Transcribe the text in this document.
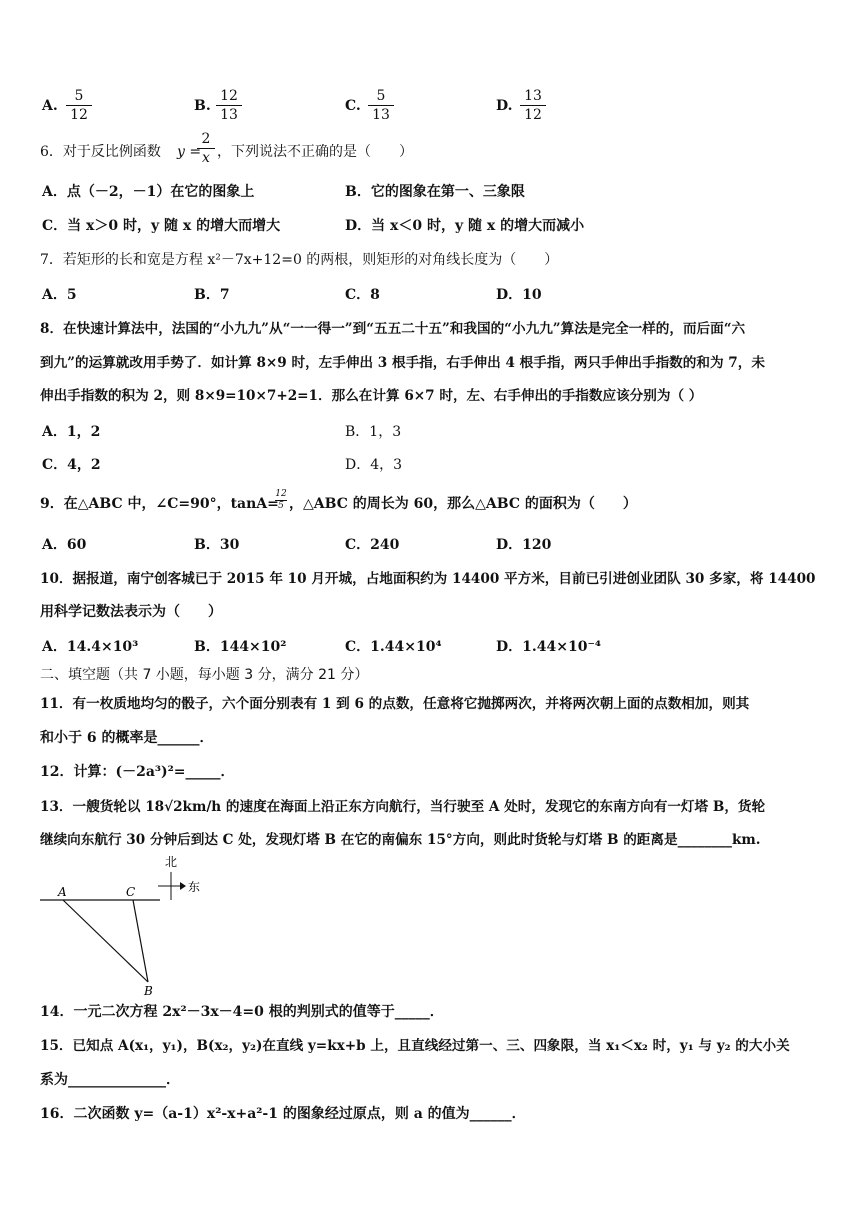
A. $\frac{5}{12}$	B. $\frac{12}{13}$	C. $\frac{5}{13}$	D. $\frac{13}{12}$
6．对于反比例函数 y =
$\frac{2}{x}$ ，下列说法不正确的是（　　）
A．点（－2，－1）在它的图象上	B．它的图象在第一、三象限
C．当 x＞0 时，y 随 x 的增大而增大	D．当 x＜0 时，y 随 x 的增大而减小
7．若矩形的长和宽是方程 x²－7x+12=0 的两根，则矩形的对角线长度为（　　）
A．5	B．7	C．8	D．10
8．在快速计算法中，法国的“小九九”从“一一得一”到“五五二十五”和我国的“小九九”算法是完全一样的，而后面“六
到九”的运算就改用手势了．如计算 8×9 时，左手伸出 3 根手指，右手伸出 4 根手指，两只手伸出手指数的和为 7，未
伸出手指数的积为 2，则 8×9=10×7+2=1．那么在计算 6×7 时，左、右手伸出的手指数应该分别为（ ）
A．1，2	B．1，3
C．4，2	D．4，3
9．在△ABC 中，∠C=90°，tanA=
$\frac{12}{5}$ ，△ABC 的周长为 60，那么△ABC 的面积为（　　）
A．60	B．30	C．240	D．120
10．据报道，南宁创客城已于 2015 年 10 月开城，占地面积约为 14400 平方米，目前已引进创业团队 30 多家，将 14400
用科学记数法表示为（　　）
A．14.4×10³	B．144×10²	C．1.44×10⁴	D．1.44×10⁻⁴
二、填空题（共 7 小题，每小题 3 分，满分 21 分）
11．有一枚质地均匀的骰子，六个面分别表有 1 到 6 的点数，任意将它抛掷两次，并将两次朝上面的点数相加，则其
和小于 6 的概率是______．
12．计算：(－2a³)²=_____．
13．一艘货轮以 18√2km/h 的速度在海面上沿正东方向航行，当行驶至 A 处时，发现它的东南方向有一灯塔 B，货轮
继续向东航行 30 分钟后到达 C 处，发现灯塔 B 在它的南偏东 15°方向，则此时货轮与灯塔 B 的距离是________km.
北
东
A	C
B
14．一元二次方程 2x²－3x－4=0 根的判别式的值等于_____．
15．已知点 A(x₁，y₁)，B(x₂，y₂)在直线 y=kx+b 上，且直线经过第一、三、四象限，当 x₁＜x₂ 时，y₁ 与 y₂ 的大小关
系为______________．
16．二次函数 y=（a-1）x²-x+a²-1 的图象经过原点，则 a 的值为______．
